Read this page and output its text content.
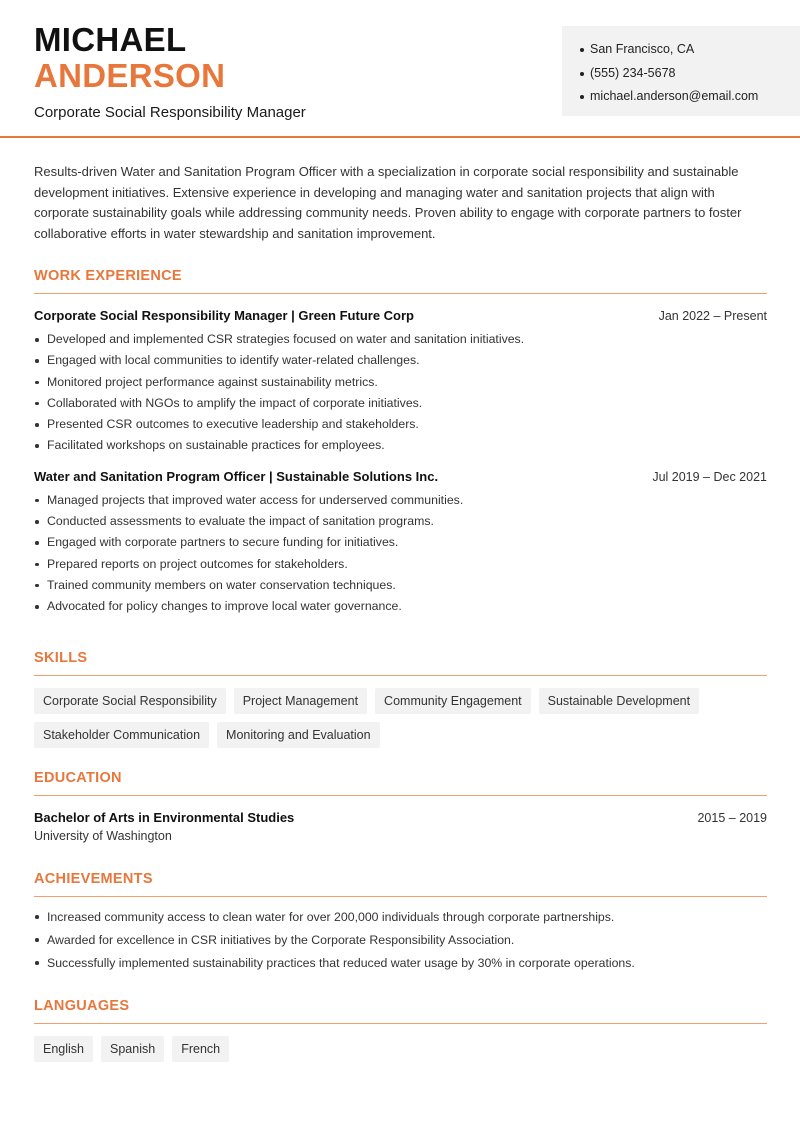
MICHAEL
ANDERSON
Corporate Social Responsibility Manager
San Francisco, CA
(555) 234-5678
michael.anderson@email.com

Results-driven Water and Sanitation Program Officer with a specialization in corporate social responsibility and sustainable development initiatives. Extensive experience in developing and managing water and sanitation projects that align with corporate sustainability goals while addressing community needs. Proven ability to engage with corporate partners to foster collaborative efforts in water stewardship and sanitation improvement.

WORK EXPERIENCE
Corporate Social Responsibility Manager | Green Future Corp	Jan 2022 – Present
Developed and implemented CSR strategies focused on water and sanitation initiatives.
Engaged with local communities to identify water-related challenges.
Monitored project performance against sustainability metrics.
Collaborated with NGOs to amplify the impact of corporate initiatives.
Presented CSR outcomes to executive leadership and stakeholders.
Facilitated workshops on sustainable practices for employees.
Water and Sanitation Program Officer | Sustainable Solutions Inc.	Jul 2019 – Dec 2021
Managed projects that improved water access for underserved communities.
Conducted assessments to evaluate the impact of sanitation programs.
Engaged with corporate partners to secure funding for initiatives.
Prepared reports on project outcomes for stakeholders.
Trained community members on water conservation techniques.
Advocated for policy changes to improve local water governance.
SKILLS
Corporate Social Responsibility	Project Management	Community Engagement	Sustainable Development
Stakeholder Communication	Monitoring and Evaluation
EDUCATION
Bachelor of Arts in Environmental Studies	2015 – 2019
University of Washington
ACHIEVEMENTS
Increased community access to clean water for over 200,000 individuals through corporate partnerships.
Awarded for excellence in CSR initiatives by the Corporate Responsibility Association.
Successfully implemented sustainability practices that reduced water usage by 30% in corporate operations.
LANGUAGES
English	Spanish	French
